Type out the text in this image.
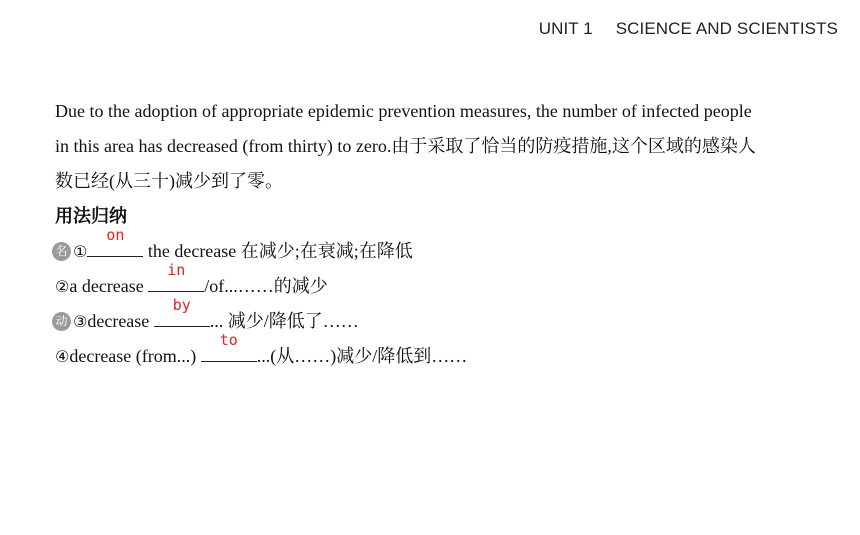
UNIT 1 SCIENCE AND SCIENTISTS
Due to the adoption of appropriate epidemic prevention measures, the number of infected people
in this area has decreased (from thirty) to zero.由于采取了恰当的防疫措施,这个区域的感染人
数已经(从三十)减少到了零。
用法归纳
名 ①
on
the decrease 在减少;在衰减;在降低
②a decrease
in
/of...……的减少
动 ③decrease
by
... 减少/降低了……
④decrease (from...)
to
...(从……)减少/降低到……
